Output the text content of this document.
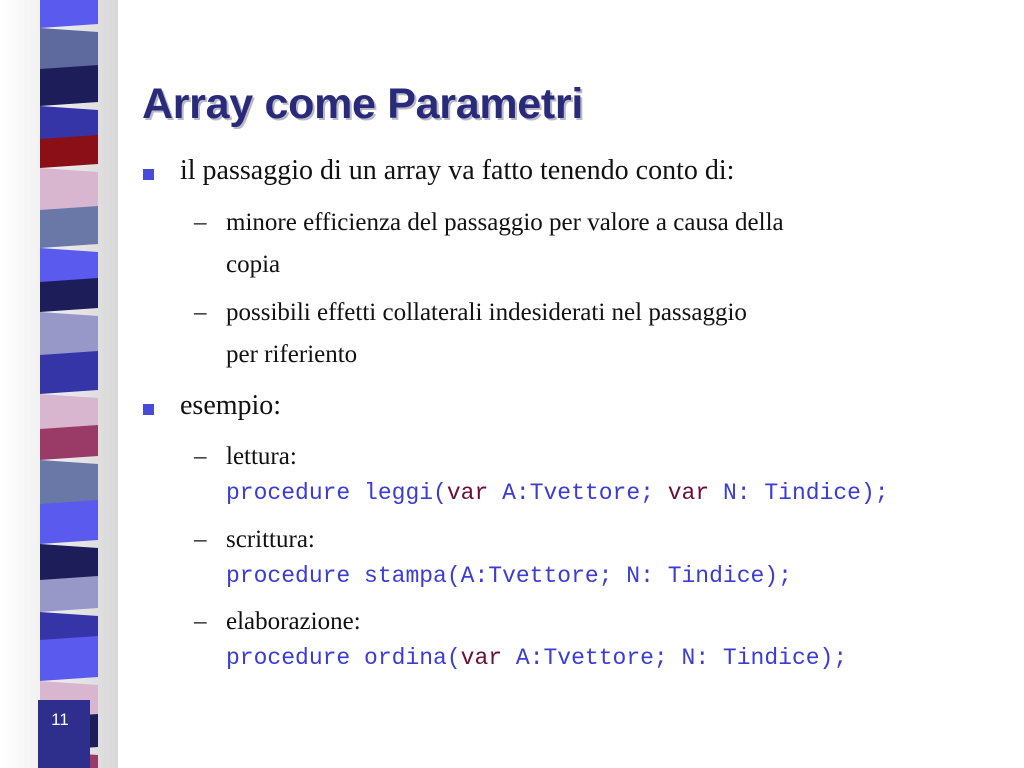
Array come Parametri
il passaggio di un array va fatto tenendo conto di:
– minore efficienza del passaggio per valore a causa della
copia
– possibili effetti collaterali indesiderati nel passaggio
per riferiento
esempio:
– lettura:
procedure leggi(var A:Tvettore; var N: Tindice);
– scrittura:
procedure stampa(A:Tvettore; N: Tindice);
– elaborazione:
procedure ordina(var A:Tvettore; N: Tindice);
11
